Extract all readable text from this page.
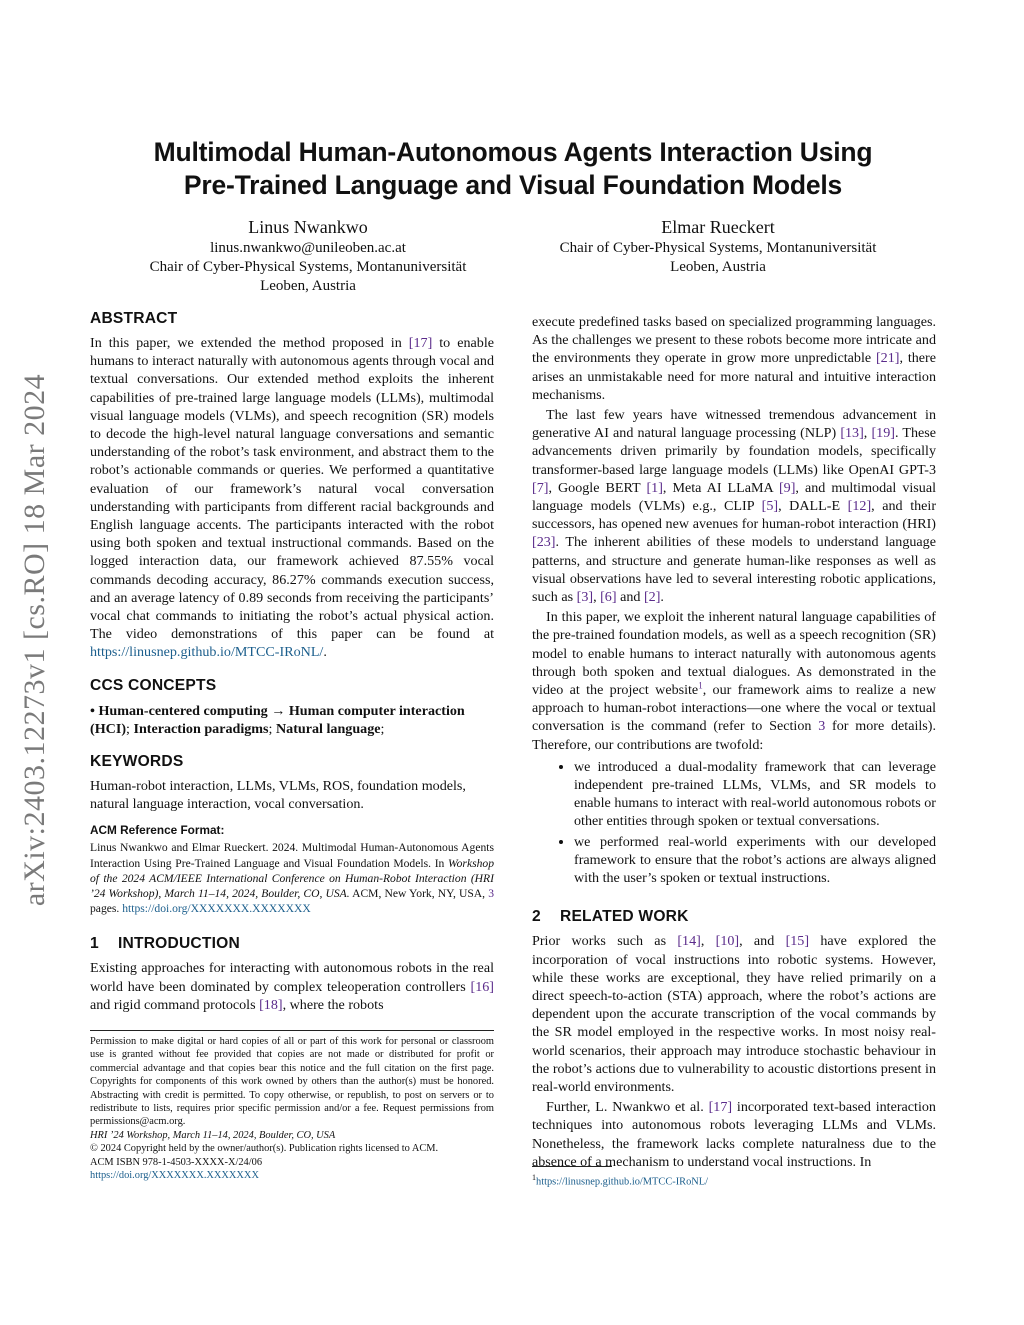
arXiv:2403.12273v1 [cs.RO] 18 Mar 2024
Multimodal Human-Autonomous Agents Interaction Using
Pre-Trained Language and Visual Foundation Models
Linus Nwankwo
linus.nwankwo@unileoben.ac.at
Chair of Cyber-Physical Systems, Montanuniversität
Leoben, Austria
Elmar Rueckert
Chair of Cyber-Physical Systems, Montanuniversität
Leoben, Austria
ABSTRACT

In this paper, we extended the method proposed in [17] to enable humans to interact naturally with autonomous agents through vocal and textual conversations. Our extended method exploits the inherent capabilities of pre-trained large language models (LLMs), multimodal visual language models (VLMs), and speech recognition (SR) models to decode the high-level natural language conversations and semantic understanding of the robot’s task environment, and abstract them to the robot’s actionable commands or queries. We performed a quantitative evaluation of our framework’s natural vocal conversation understanding with participants from different racial backgrounds and English language accents. The participants interacted with the robot using both spoken and textual instructional commands. Based on the logged interaction data, our framework achieved 87.55% vocal commands decoding accuracy, 86.27% commands execution success, and an average latency of 0.89 seconds from receiving the participants’ vocal chat commands to initiating the robot’s actual physical action. The video demonstrations of this paper can be found at https://linusnep.github.io/MTCC-IRoNL/.

CCS CONCEPTS

• Human-centered computing → Human computer interaction (HCI); Interaction paradigms; Natural language;

KEYWORDS

Human-robot interaction, LLMs, VLMs, ROS, foundation models, natural language interaction, vocal conversation.

ACM Reference Format:

Linus Nwankwo and Elmar Rueckert. 2024. Multimodal Human-Autonomous Agents Interaction Using Pre-Trained Language and Visual Foundation Models. In Workshop of the 2024 ACM/IEEE International Conference on Human-Robot Interaction (HRI ’24 Workshop), March 11–14, 2024, Boulder, CO, USA. ACM, New York, NY, USA, 3 pages. https://doi.org/XXXXXXX.XXXXXXX

1 INTRODUCTION

Existing approaches for interacting with autonomous robots in the real world have been dominated by complex teleoperation controllers [16] and rigid command protocols [18], where the robots

Permission to make digital or hard copies of all or part of this work for personal or classroom use is granted without fee provided that copies are not made or distributed for profit or commercial advantage and that copies bear this notice and the full citation on the first page. Copyrights for components of this work owned by others than the author(s) must be honored. Abstracting with credit is permitted. To copy otherwise, or republish, to post on servers or to redistribute to lists, requires prior specific permission and/or a fee. Request permissions from permissions@acm.org.
HRI ’24 Workshop, March 11–14, 2024, Boulder, CO, USA
© 2024 Copyright held by the owner/author(s). Publication rights licensed to ACM.
ACM ISBN 978-1-4503-XXXX-X/24/06
https://doi.org/XXXXXXX.XXXXXXX

execute predefined tasks based on specialized programming languages. As the challenges we present to these robots become more intricate and the environments they operate in grow more unpredictable [21], there arises an unmistakable need for more natural and intuitive interaction mechanisms.

The last few years have witnessed tremendous advancement in generative AI and natural language processing (NLP) [13], [19]. These advancements driven primarily by foundation models, specifically transformer-based large language models (LLMs) like OpenAI GPT-3 [7], Google BERT [1], Meta AI LLaMA [9], and multimodal visual language models (VLMs) e.g., CLIP [5], DALL-E [12], and their successors, has opened new avenues for human-robot interaction (HRI) [23]. The inherent abilities of these models to understand language patterns, and structure and generate human-like responses as well as visual observations have led to several interesting robotic applications, such as [3], [6] and [2].

In this paper, we exploit the inherent natural language capabilities of the pre-trained foundation models, as well as a speech recognition (SR) model to enable humans to interact naturally with autonomous agents through both spoken and textual dialogues. As demonstrated in the video at the project website$^1$, our framework aims to realize a new approach to human-robot interactions—one where the vocal or textual conversation is the command (refer to Section 3 for more details). Therefore, our contributions are twofold:

• we introduced a dual-modality framework that can leverage independent pre-trained LLMs, VLMs, and SR models to enable humans to interact with real-world autonomous robots or other entities through spoken or textual conversations.
• we performed real-world experiments with our developed framework to ensure that the robot’s actions are always aligned with the user’s spoken or textual instructions.
2 RELATED WORK

Prior works such as [14], [10], and [15] have explored the incorporation of vocal instructions into robotic systems. However, while these works are exceptional, they have relied primarily on a direct speech-to-action (STA) approach, where the robot’s actions are dependent upon the accurate transcription of the vocal commands by the SR model employed in the respective works. In most noisy real-world scenarios, their approach may introduce stochastic behaviour in the robot’s actions due to vulnerability to acoustic distortions present in real-world environments.

Further, L. Nwankwo et al. [17] incorporated text-based interaction techniques into autonomous robots leveraging LLMs and VLMs. Nonetheless, the framework lacks complete naturalness due to the absence of a mechanism to understand vocal instructions. In

$^1$https://linusnep.github.io/MTCC-IRoNL/
